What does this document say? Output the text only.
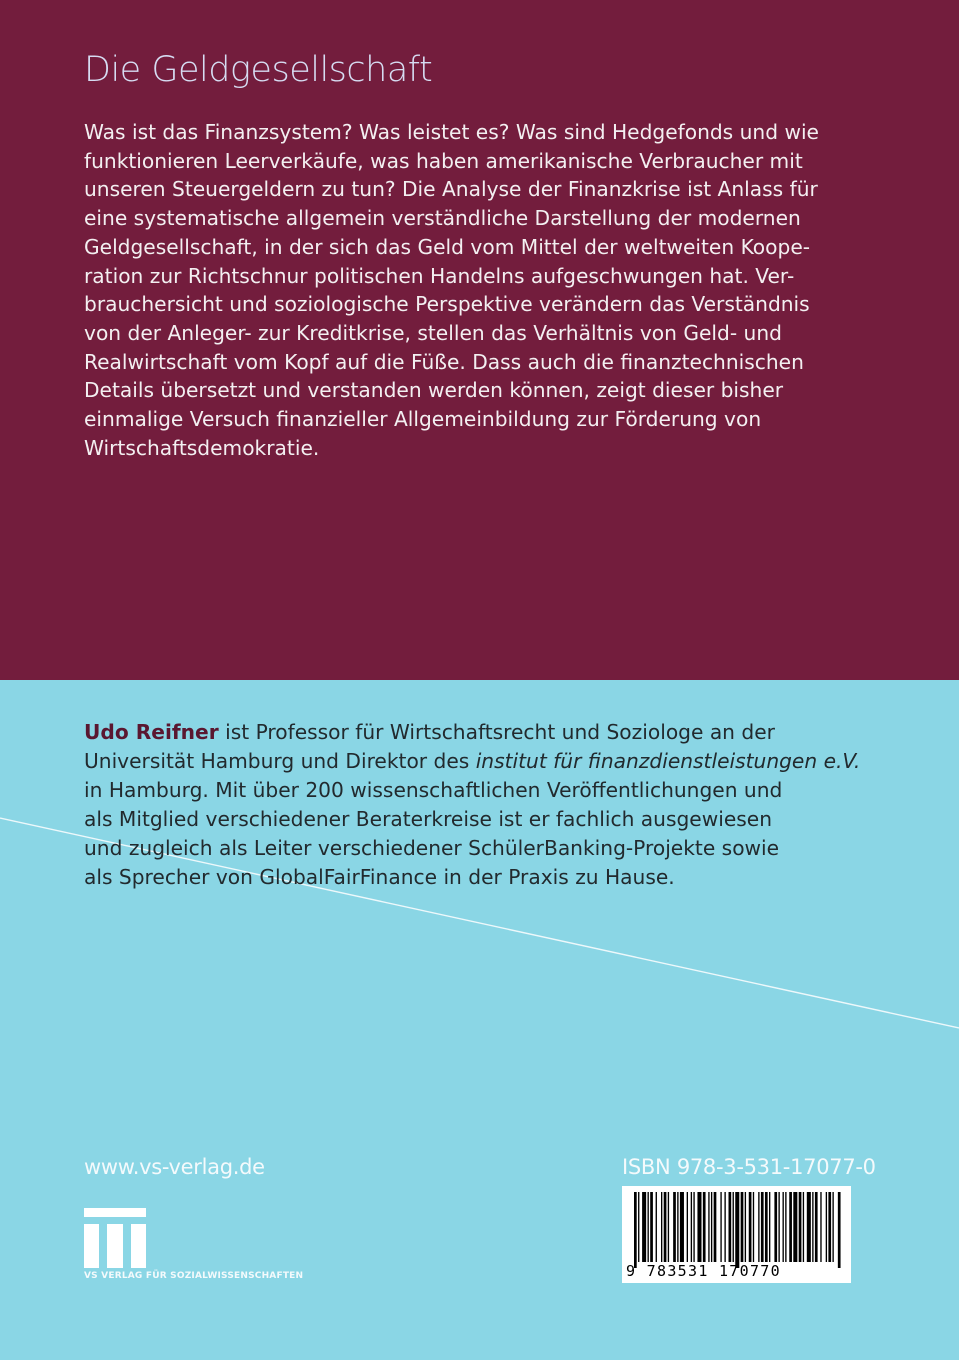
Die Geldgesellschaft
Was ist das Finanzsystem? Was leistet es? Was sind Hedgefonds und wie
funktionieren Leerverkäufe, was haben amerikanische Verbraucher mit
unseren Steuergeldern zu tun? Die Analyse der Finanzkrise ist Anlass für
eine systematische allgemein verständliche Darstellung der modernen
Geldgesellschaft, in der sich das Geld vom Mittel der weltweiten Koope-
ration zur Richtschnur politischen Handelns aufgeschwungen hat. Ver-
brauchersicht und soziologische Perspektive verändern das Verständnis
von der Anleger- zur Kreditkrise, stellen das Verhältnis von Geld- und
Realwirtschaft vom Kopf auf die Füße. Dass auch die finanztechnischen
Details übersetzt und verstanden werden können, zeigt dieser bisher
einmalige Versuch finanzieller Allgemeinbildung zur Förderung von
Wirtschaftsdemokratie.
Udo Reifner ist Professor für Wirtschaftsrecht und Soziologe an der
Universität Hamburg und Direktor des institut für finanzdienstleistungen e.V.
in Hamburg. Mit über 200 wissenschaftlichen Veröffentlichungen und
als Mitglied verschiedener Beraterkreise ist er fachlich ausgewiesen
und zugleich als Leiter verschiedener SchülerBanking-Projekte sowie
als Sprecher von GlobalFairFinance in der Praxis zu Hause.
www.vs-verlag.de	ISBN 978-3-531-17077-0
9 783531 170770
VS VERLAG FÜR SOZIALWISSENSCHAFTEN
